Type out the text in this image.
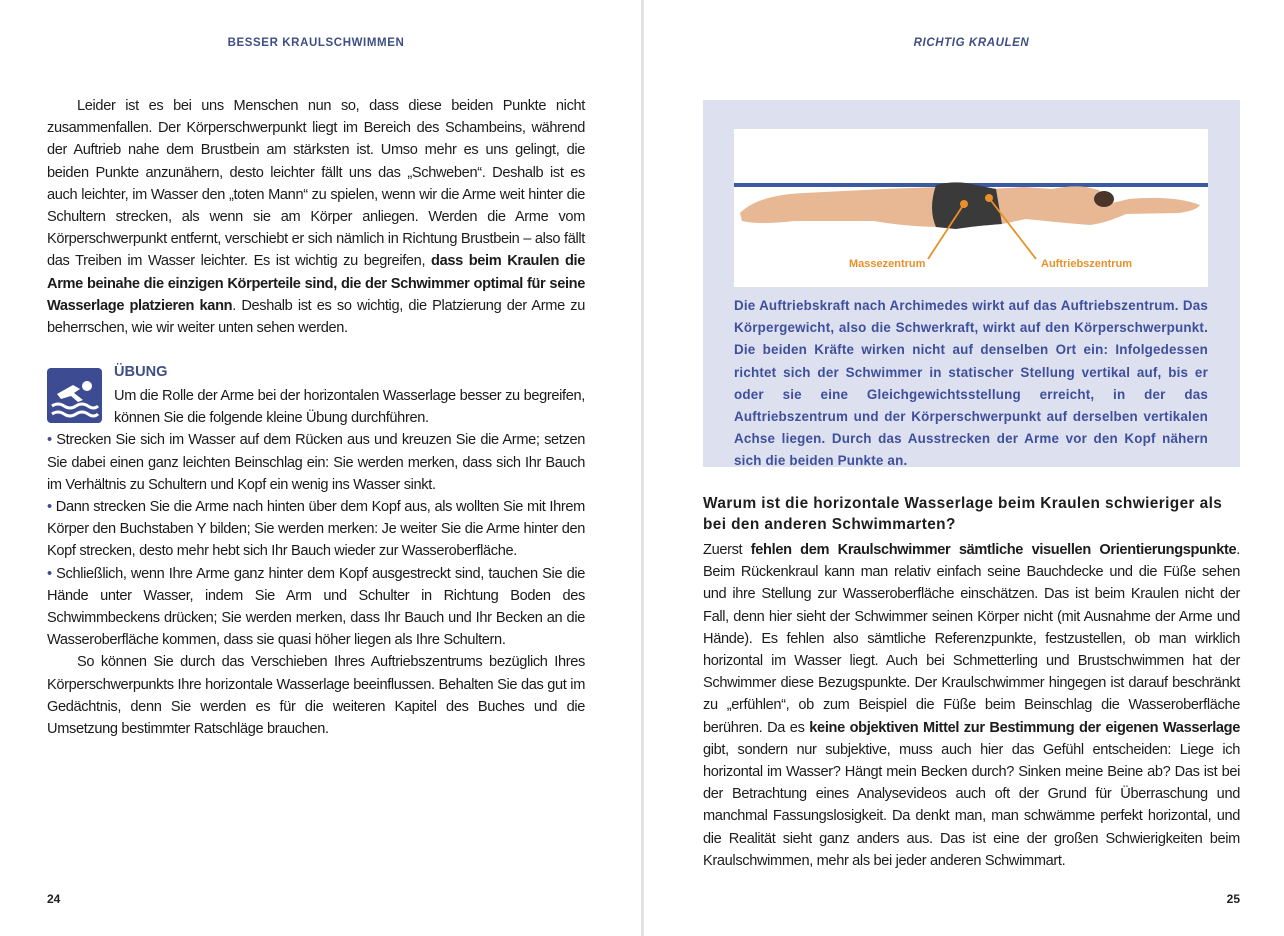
BESSER KRAULSCHWIMMEN

Leider ist es bei uns Menschen nun so, dass diese beiden Punkte nicht zusammenfallen. Der Körperschwerpunkt liegt im Bereich des Schambeins, während der Auftrieb nahe dem Brustbein am stärksten ist. Umso mehr es uns gelingt, die beiden Punkte anzunähern, desto leichter fällt uns das „Schweben“. Deshalb ist es auch leichter, im Wasser den „toten Mann“ zu spielen, wenn wir die Arme weit hinter die Schultern strecken, als wenn sie am Körper anliegen. Werden die Arme vom Körperschwerpunkt entfernt, verschiebt er sich nämlich in Richtung Brustbein – also fällt das Treiben im Wasser leichter. Es ist wichtig zu begreifen, dass beim Kraulen die Arme beinahe die einzigen Körperteile sind, die der Schwimmer optimal für seine Wasserlage platzieren kann. Deshalb ist es so wichtig, die Platzierung der Arme zu beherrschen, wie wir weiter unten sehen werden.

ÜBUNG

Um die Rolle der Arme bei der horizontalen Wasserlage besser zu begreifen, können Sie die folgende kleine Übung durchführen.

• Strecken Sie sich im Wasser auf dem Rücken aus und kreuzen Sie die Arme; setzen Sie dabei einen ganz leichten Beinschlag ein: Sie werden merken, dass sich Ihr Bauch im Verhältnis zu Schultern und Kopf ein wenig ins Wasser sinkt.

• Dann strecken Sie die Arme nach hinten über dem Kopf aus, als wollten Sie mit Ihrem Körper den Buchstaben Y bilden; Sie werden merken: Je weiter Sie die Arme hinter den Kopf strecken, desto mehr hebt sich Ihr Bauch wieder zur Wasseroberfläche.

• Schließlich, wenn Ihre Arme ganz hinter dem Kopf ausgestreckt sind, tauchen Sie die Hände unter Wasser, indem Sie Arm und Schulter in Richtung Boden des Schwimmbeckens drücken; Sie werden merken, dass Ihr Bauch und Ihr Becken an die Wasseroberfläche kommen, dass sie quasi höher liegen als Ihre Schultern.

So können Sie durch das Verschieben Ihres Auftriebszentrums bezüglich Ihres Körperschwerpunkts Ihre horizontale Wasserlage beeinflussen. Behalten Sie das gut im Gedächtnis, denn Sie werden es für die weiteren Kapitel des Buches und die Umsetzung bestimmter Ratschläge brauchen.

24
RICHTIG KRAULEN
Massezentrum	Auftriebszentrum
Die Auftriebskraft nach Archimedes wirkt auf das Auftriebszentrum. Das Körpergewicht, also die Schwerkraft, wirkt auf den Körperschwerpunkt. Die beiden Kräfte wirken nicht auf denselben Ort ein: Infolgedessen richtet sich der Schwimmer in statischer Stellung vertikal auf, bis er oder sie eine Gleichgewichtsstellung erreicht, in der das Auftriebszentrum und der Körperschwerpunkt auf derselben vertikalen Achse liegen. Durch das Ausstrecken der Arme vor den Kopf nähern sich die beiden Punkte an.
Warum ist die horizontale Wasserlage beim Kraulen schwieriger als bei den anderen Schwimmarten?

Zuerst fehlen dem Kraulschwimmer sämtliche visuellen Orientierungspunkte. Beim Rückenkraul kann man relativ einfach seine Bauchdecke und die Füße sehen und ihre Stellung zur Wasseroberfläche einschätzen. Das ist beim Kraulen nicht der Fall, denn hier sieht der Schwimmer seinen Körper nicht (mit Ausnahme der Arme und Hände). Es fehlen also sämtliche Referenzpunkte, festzustellen, ob man wirklich horizontal im Wasser liegt. Auch bei Schmetterling und Brustschwimmen hat der Schwimmer diese Bezugspunkte. Der Kraulschwimmer hingegen ist darauf beschränkt zu „erfühlen“, ob zum Beispiel die Füße beim Beinschlag die Wasseroberfläche berühren. Da es keine objektiven Mittel zur Bestimmung der eigenen Wasserlage gibt, sondern nur subjektive, muss auch hier das Gefühl entscheiden: Liege ich horizontal im Wasser? Hängt mein Becken durch? Sinken meine Beine ab? Das ist bei der Betrachtung eines Analysevideos auch oft der Grund für Überraschung und manchmal Fassungslosigkeit. Da denkt man, man schwämme perfekt horizontal, und die Realität sieht ganz anders aus. Das ist eine der großen Schwierigkeiten beim Kraulschwimmen, mehr als bei jeder anderen Schwimmart.

25
